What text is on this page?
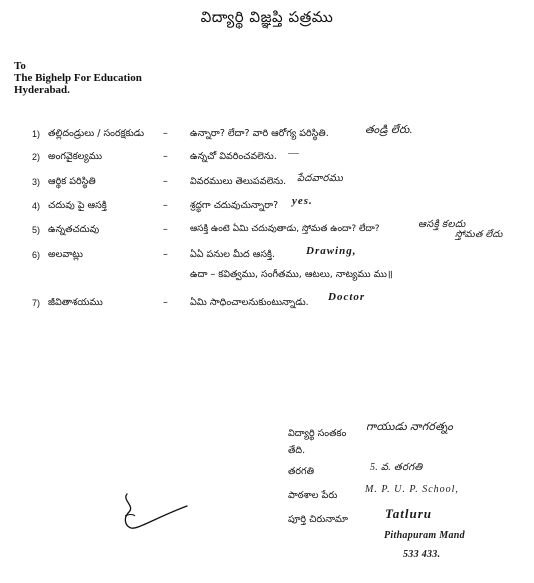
విద్యార్థి విజ్ఞప్తి పత్రము
To
The Bighelp For Education
Hyderabad.
1) తల్లిదండ్రులు / సంరక్షకుడు – ఉన్నారా? లేదా? వారి ఆరోగ్య పరిస్థితి.	తండ్రి లేరు.
2) అంగవైకల్యము	– ఉన్నచో వివరించవలెను. —
3) ఆర్థిక పరిస్థితి	– వివరములు తెలుపవలెను. పేదవారము
4) చదువు పై ఆసక్తి	– శ్రద్ధగా చదువుచున్నారా? yes.
5) ఉన్నతచదువు	– ఆసక్తి ఉంటె ఏమి చదువుతాడు, స్తోమత ఉందా? లేదా?	ఆసక్తి కలదు
స్తోమత లేదు
6) అలవాట్లు	– ఏఏ పనుల మీద ఆసక్తి.	Drawing,
ఉదా – కవిత్వము, సంగీతము, ఆటలు, నాట్యము ము॥
7) జీవితాశయము	– ఏమి సాధించాలనుకుంటున్నాడు. Doctor
విద్యార్థి సంతకం
గాయుడు నాగరత్నం
తేది.
తరగతి	5. వ. తరగతి
పాఠశాల పేరు
M. P. U. P. School,
పూర్తి చిరునామా	Tatluru
Pithapuram Mand
533 433.
